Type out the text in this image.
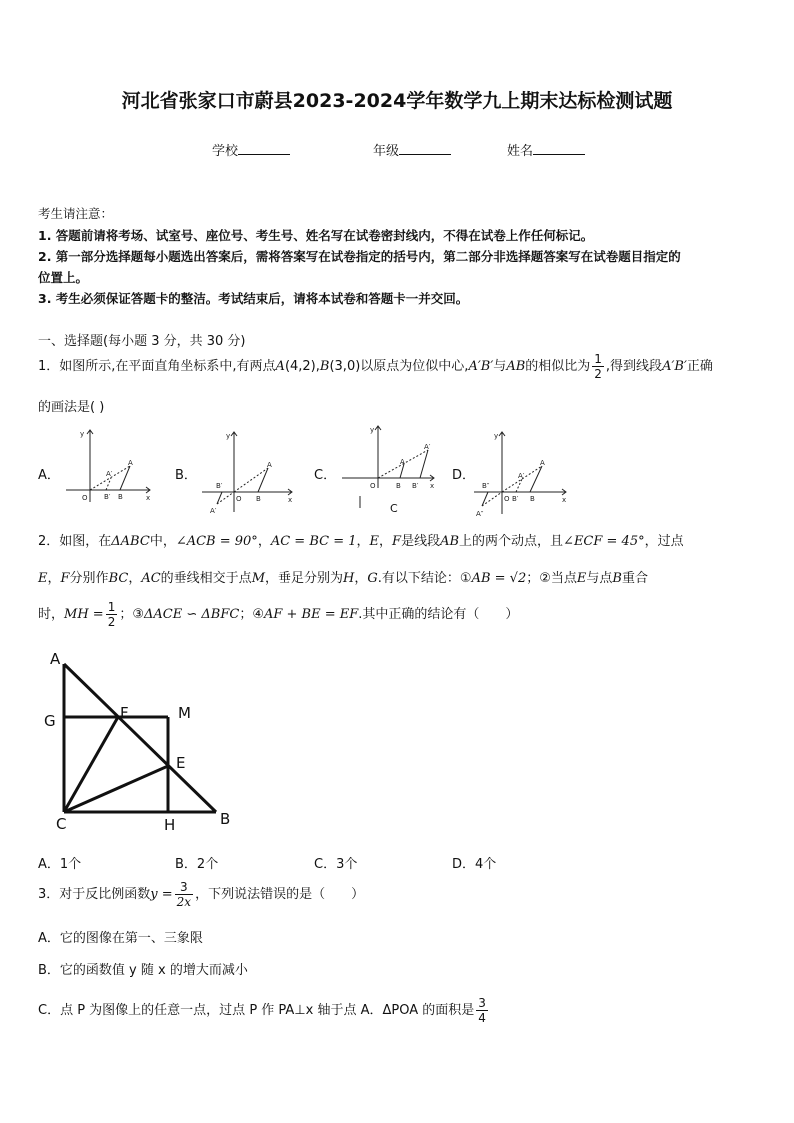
河北省张家口市蔚县2023-2024学年数学九上期末达标检测试题
学校	年级	姓名
考生请注意：
1. 答题前请将考场、试室号、座位号、考生号、姓名写在试卷密封线内，不得在试卷上作任何标记。
2. 第一部分选择题每小题选出答案后，需将答案写在试卷指定的括号内，第二部分非选择题答案写在试卷题目指定的
位置上。
3. 考生必须保证答题卡的整洁。考试结束后，请将本试卷和答题卡一并交回。
一、选择题(每小题 3 分，共 30 分)
1．如图所示,在平面直角坐标系中,有两点A(4,2),B(3,0)以原点为位似中心,A′B′与AB的相似比为 $\frac{1}{2}$ ,得到线段A′B′正确
的画法是( )
A．	B．	C．	D．
y
x
O
A
A′
B′ B
y
x
O
A
B
B′
A′
y
x
O
A
A′
B B′
C
y
x
O
A
A′
B′ B
B″
A″
2．如图，在ΔABC中，∠ACB = 90°，AC = BC = 1，E，F是线段AB上的两个动点，且∠ECF = 45°，过点
E，F分别作BC，AC的垂线相交于点M，垂足分别为H，G.有以下结论：①AB = √2；②当点E与点B重合
时，MH = $\frac{1}{2}$ ；③ΔACE ∽ ΔBFC；④AF + BE = EF.其中正确的结论有（　　）
A
G	F	M
E
C	H	B
A．1个	B．2个	C．3个	D．4个
3．对于反比例函数$y = \frac{3}{2x}$ ，下列说法错误的是（　　）
A．它的图像在第一、三象限
B．它的函数值 y 随 x 的增大而减小
C．点 P 为图像上的任意一点，过点 P 作 PA⊥x 轴于点 A．ΔPOA 的面积是 $\frac{3}{4}$
